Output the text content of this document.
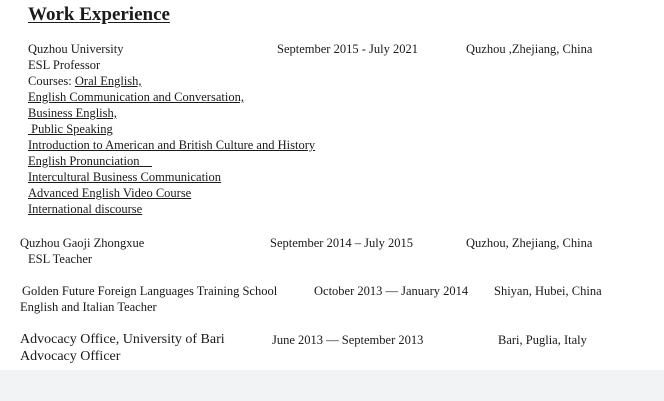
Work Experience
Quzhou University	September 2015 - July 2021	Quzhou ,Zhejiang, China
ESL Professor
Courses: Oral English,
English Communication and Conversation,
Business English,
Public Speaking
Introduction to American and British Culture and History
English Pronunciation
Intercultural Business Communication
Advanced English Video Course
International discourse
Quzhou Gaoji Zhongxue	September 2014 – July 2015	Quzhou, Zhejiang, China
ESL Teacher
Golden Future Foreign Languages Training School	October 2013 — January 2014 Shiyan, Hubei, China
English and Italian Teacher
Advocacy Office, University of Bari	June 2013 — September 2013	Bari, Puglia, Italy
Advocacy Officer
